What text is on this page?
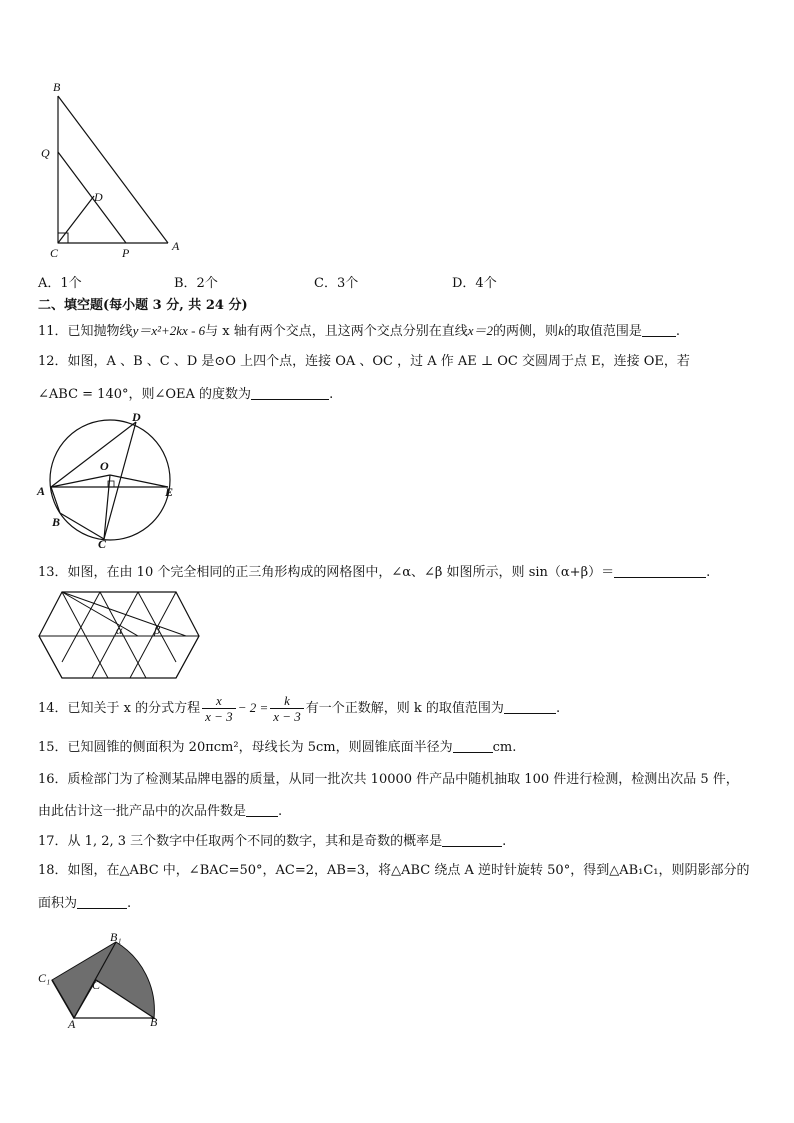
B
Q
D
C	P	A
A．1个	B．2个	C．3个	D．4个
二、填空题(每小题 3 分, 共 24 分)
11．已知抛物线y＝x²+2kx - 6与 x 轴有两个交点，且这两个交点分别在直线x＝2的两侧，则k的取值范围是	.
12．如图，A 、B 、C 、D 是⊙O 上四个点，连接 OA 、OC ，过 A 作 AE ⊥ OC 交圆周于点 E，连接 OE，若
∠ABC = 140°，则∠OEA 的度数为	.
D
O
A	E
B
C
13．如图，在由 10 个完全相同的正三角形构成的网格图中，∠α、∠β 如图所示，则 sin（α+β）＝	.
α	β
14．已知关于 x 的分式方程 $\frac{x}{x - 3} - 2 = \frac{k}{x - 3}$ 有一个正数解，则 k 的取值范围为	.
15．已知圆锥的侧面积为 20πcm²，母线长为 5cm，则圆锥底面半径为	cm.
16．质检部门为了检测某品牌电器的质量，从同一批次共 10000 件产品中随机抽取 100 件进行检测，检测出次品 5 件，
由此估计这一批产品中的次品件数是 .
17．从 1, 2, 3 三个数字中任取两个不同的数字，其和是奇数的概率是	.
18．如图，在△ABC 中，∠BAC=50°，AC=2，AB=3，将△ABC 绕点 A 逆时针旋转 50°，得到△AB₁C₁，则阴影部分的
面积为	.
B₁
C₁	C
A	B
